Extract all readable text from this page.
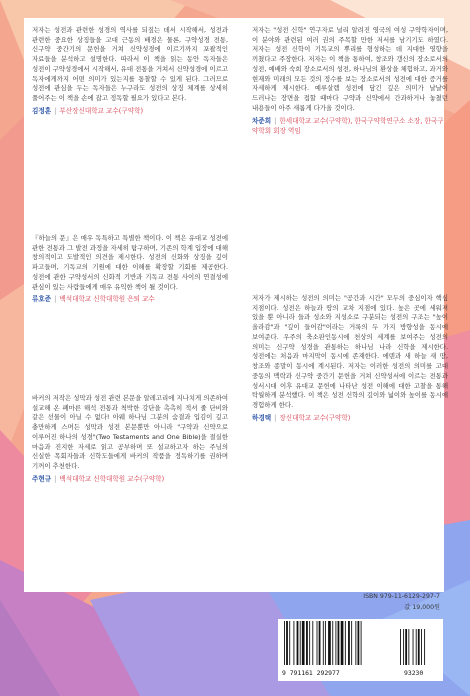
저자는 성전과 관련한 성경의 역사를 되짚는 데서 시작해서, 성전과 관련한 중요한 상징들을 고대 근동의 배경은 물론, 구약성경 전통, 신구약 중간기의 문헌을 거쳐 신약성경에 이르기까지 포괄적인 자료들을 분석하고 설명한다. 따라서 이 책을 읽는 동안 독자들은 성전이 구약성경에서 시작해서, 유대 전통을 거쳐서 신약성경에 이르고 독자에게까지 어떤 의미가 있는지를 통찰할 수 있게 된다. 그러므로 성전에 관심을 두는 독자들은 누구라도 성전의 상징 체계를 상세히 풀어주는 이 책을 손에 잡고 정독할 필요가 있다고 본다.

김정훈 | 부산장신대학교 교수(구약학)

『하늘의 문』은 매우 독특하고 특별한 책이다. 이 책은 유대교 성전에 관한 전통과 그 발전 과정을 자세히 탐구하며, 기존의 학계 입장에 대해 창의적이고 도발적인 의견을 제시한다. 성전의 신화와 상징을 깊이 파고들며, 기독교의 기원에 대한 이해를 확장할 기회를 제공한다. 성전에 관한 구약성서의 신화적 기반과 기독교 전통 사이의 연결성에 관심이 있는 사람들에게 매우 유익한 책이 될 것이다.

류호준 | 백석대학교 신학대학원 은퇴 교수

바커의 저작은 성막과 성전 관련 본문을 알레고리에 지나치게 의존하여 설교해 온 폐마른 해석 전통과 척박한 강단을 촉촉히 적셔 줄 단비와 같은 선물이 아닐 수 없다! 아웨 하나님 그분의 숨결과 입김이 깊고 충만하게 스며든 성막과 성전 본문뿐만 아니라 "구약과 신약으로 이루어진 하나의 성경"(Two Testaments and One Bible)을 절실한 마음과 진지한 자세로 읽고 공부하며 또 설교하고자 하는 주님의 신실한 목회자들과 신학도들에게 바커의 작품을 정독하기를 권하며 기꺼이 추천한다.

주현규 | 백석대학교 신학대학원 교수(구약학)

저자는 "성전 신학" 연구자로 널리 알려진 영국의 여성 구약학자이며, 이 분야와 관련된 여러 권의 주목할 만한 저서를 남기기도 하였다. 저자는 성전 신학이 기독교의 뿌리를 형성하는 데 지대한 영향을 끼쳤다고 주장한다. 저자는 이 책을 통하여, 창조와 갱신의 장소로서의 성전, 예배와 숙희 장소로서의 성전, 하나님의 환상을 체험하고, 과거와 현재와 미래의 모든 것의 정수를 보는 장소로서의 성전에 대한 증거를 자세하게 제시한다. 예루살렘 성전에 담긴 깊은 의미가 날날이 드러나는 장면을 접할 때마다 구약과 신약에서 간과하거나 놓쳤던 내용들이 아주 새롭게 다가올 것이다.

차준희 | 한세대학교 교수(구약학), 한국구약학연구소 소장, 한국구약학회 회장 역임

저자가 제시하는 성전의 의미는 "공간과 시간" 모두의 중심이자 핵심 지점이다. 성전은 하늘과 땅의 교차 지점에 있다. 높은 곳에 세워져 있을 뿐 아니라 들과 성소와 지성소로 구분되는 성전의 구조는 "높이 올라감"과 "깊이 들어감"이라는 거룩의 두 가지 방향성을 동시에 보여준다. 우주의 축소판인동시에 천상의 세계를 보여주는 성전의 의미는 신구약 성경을 관통하는 하나님 나라 신학을 제시한다. 성전에는 처음과 마지막이 동시에 존재한다. 에덴과 새 하늘 새 땅, 창조와 종말이 동시에 계시된다. 저자는 이러한 성전의 의미를 고대 중동의 맥락과 신구약 중간기 문헌을 거쳐 신약성서에 이르는 전통과 성서시대 이후 유대교 문헌에 나타난 성전 이해에 대한 고찰을 통해 탁월하게 분석했다. 이 책은 성전 신학의 깊이와 넓이와 높이를 동시에 경험하게 한다.

하경택 | 장신대학교 교수(구약학)
ISBN 979-11-6129-297-7
값 19,000원
9 791161 292977	93230
